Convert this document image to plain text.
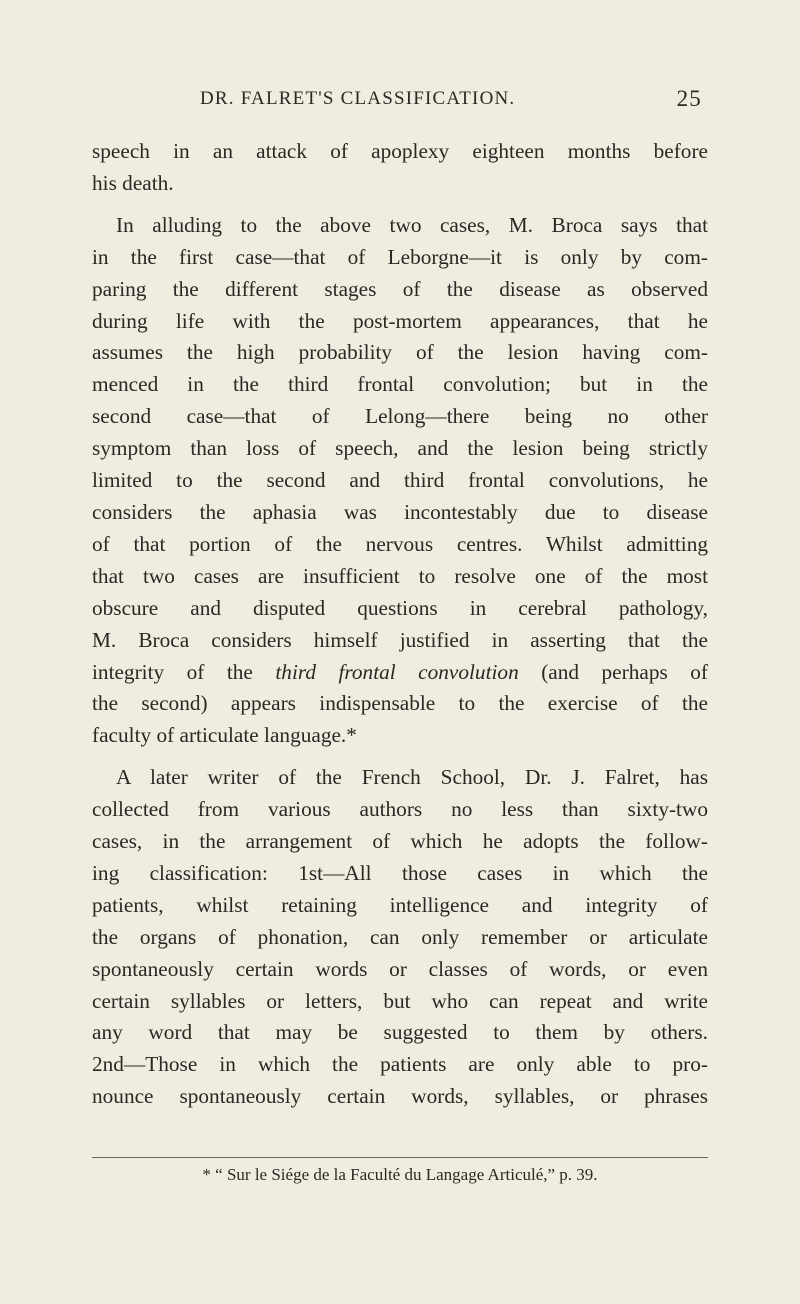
DR. FALRET'S CLASSIFICATION.	25

speech in an attack of apoplexy eighteen months before
his death.

In alluding to the above two cases, M. Broca says that
in the first case—that of Leborgne—it is only by com-
paring the different stages of the disease as observed
during life with the post-mortem appearances, that he
assumes the high probability of the lesion having com-
menced in the third frontal convolution; but in the
second case—that of Lelong—there being no other
symptom than loss of speech, and the lesion being strictly
limited to the second and third frontal convolutions, he
considers the aphasia was incontestably due to disease
of that portion of the nervous centres. Whilst admitting
that two cases are insufficient to resolve one of the most
obscure and disputed questions in cerebral pathology,
M. Broca considers himself justified in asserting that the
integrity of the third frontal convolution (and perhaps of
the second) appears indispensable to the exercise of the
faculty of articulate language.*

A later writer of the French School, Dr. J. Falret, has
collected from various authors no less than sixty-two
cases, in the arrangement of which he adopts the follow-
ing classification: 1st—All those cases in which the
patients, whilst retaining intelligence and integrity of
the organs of phonation, can only remember or articulate
spontaneously certain words or classes of words, or even
certain syllables or letters, but who can repeat and write
any word that may be suggested to them by others.
2nd—Those in which the patients are only able to pro-
nounce spontaneously certain words, syllables, or phrases

* “ Sur le Siége de la Faculté du Langage Articulé,” p. 39.
